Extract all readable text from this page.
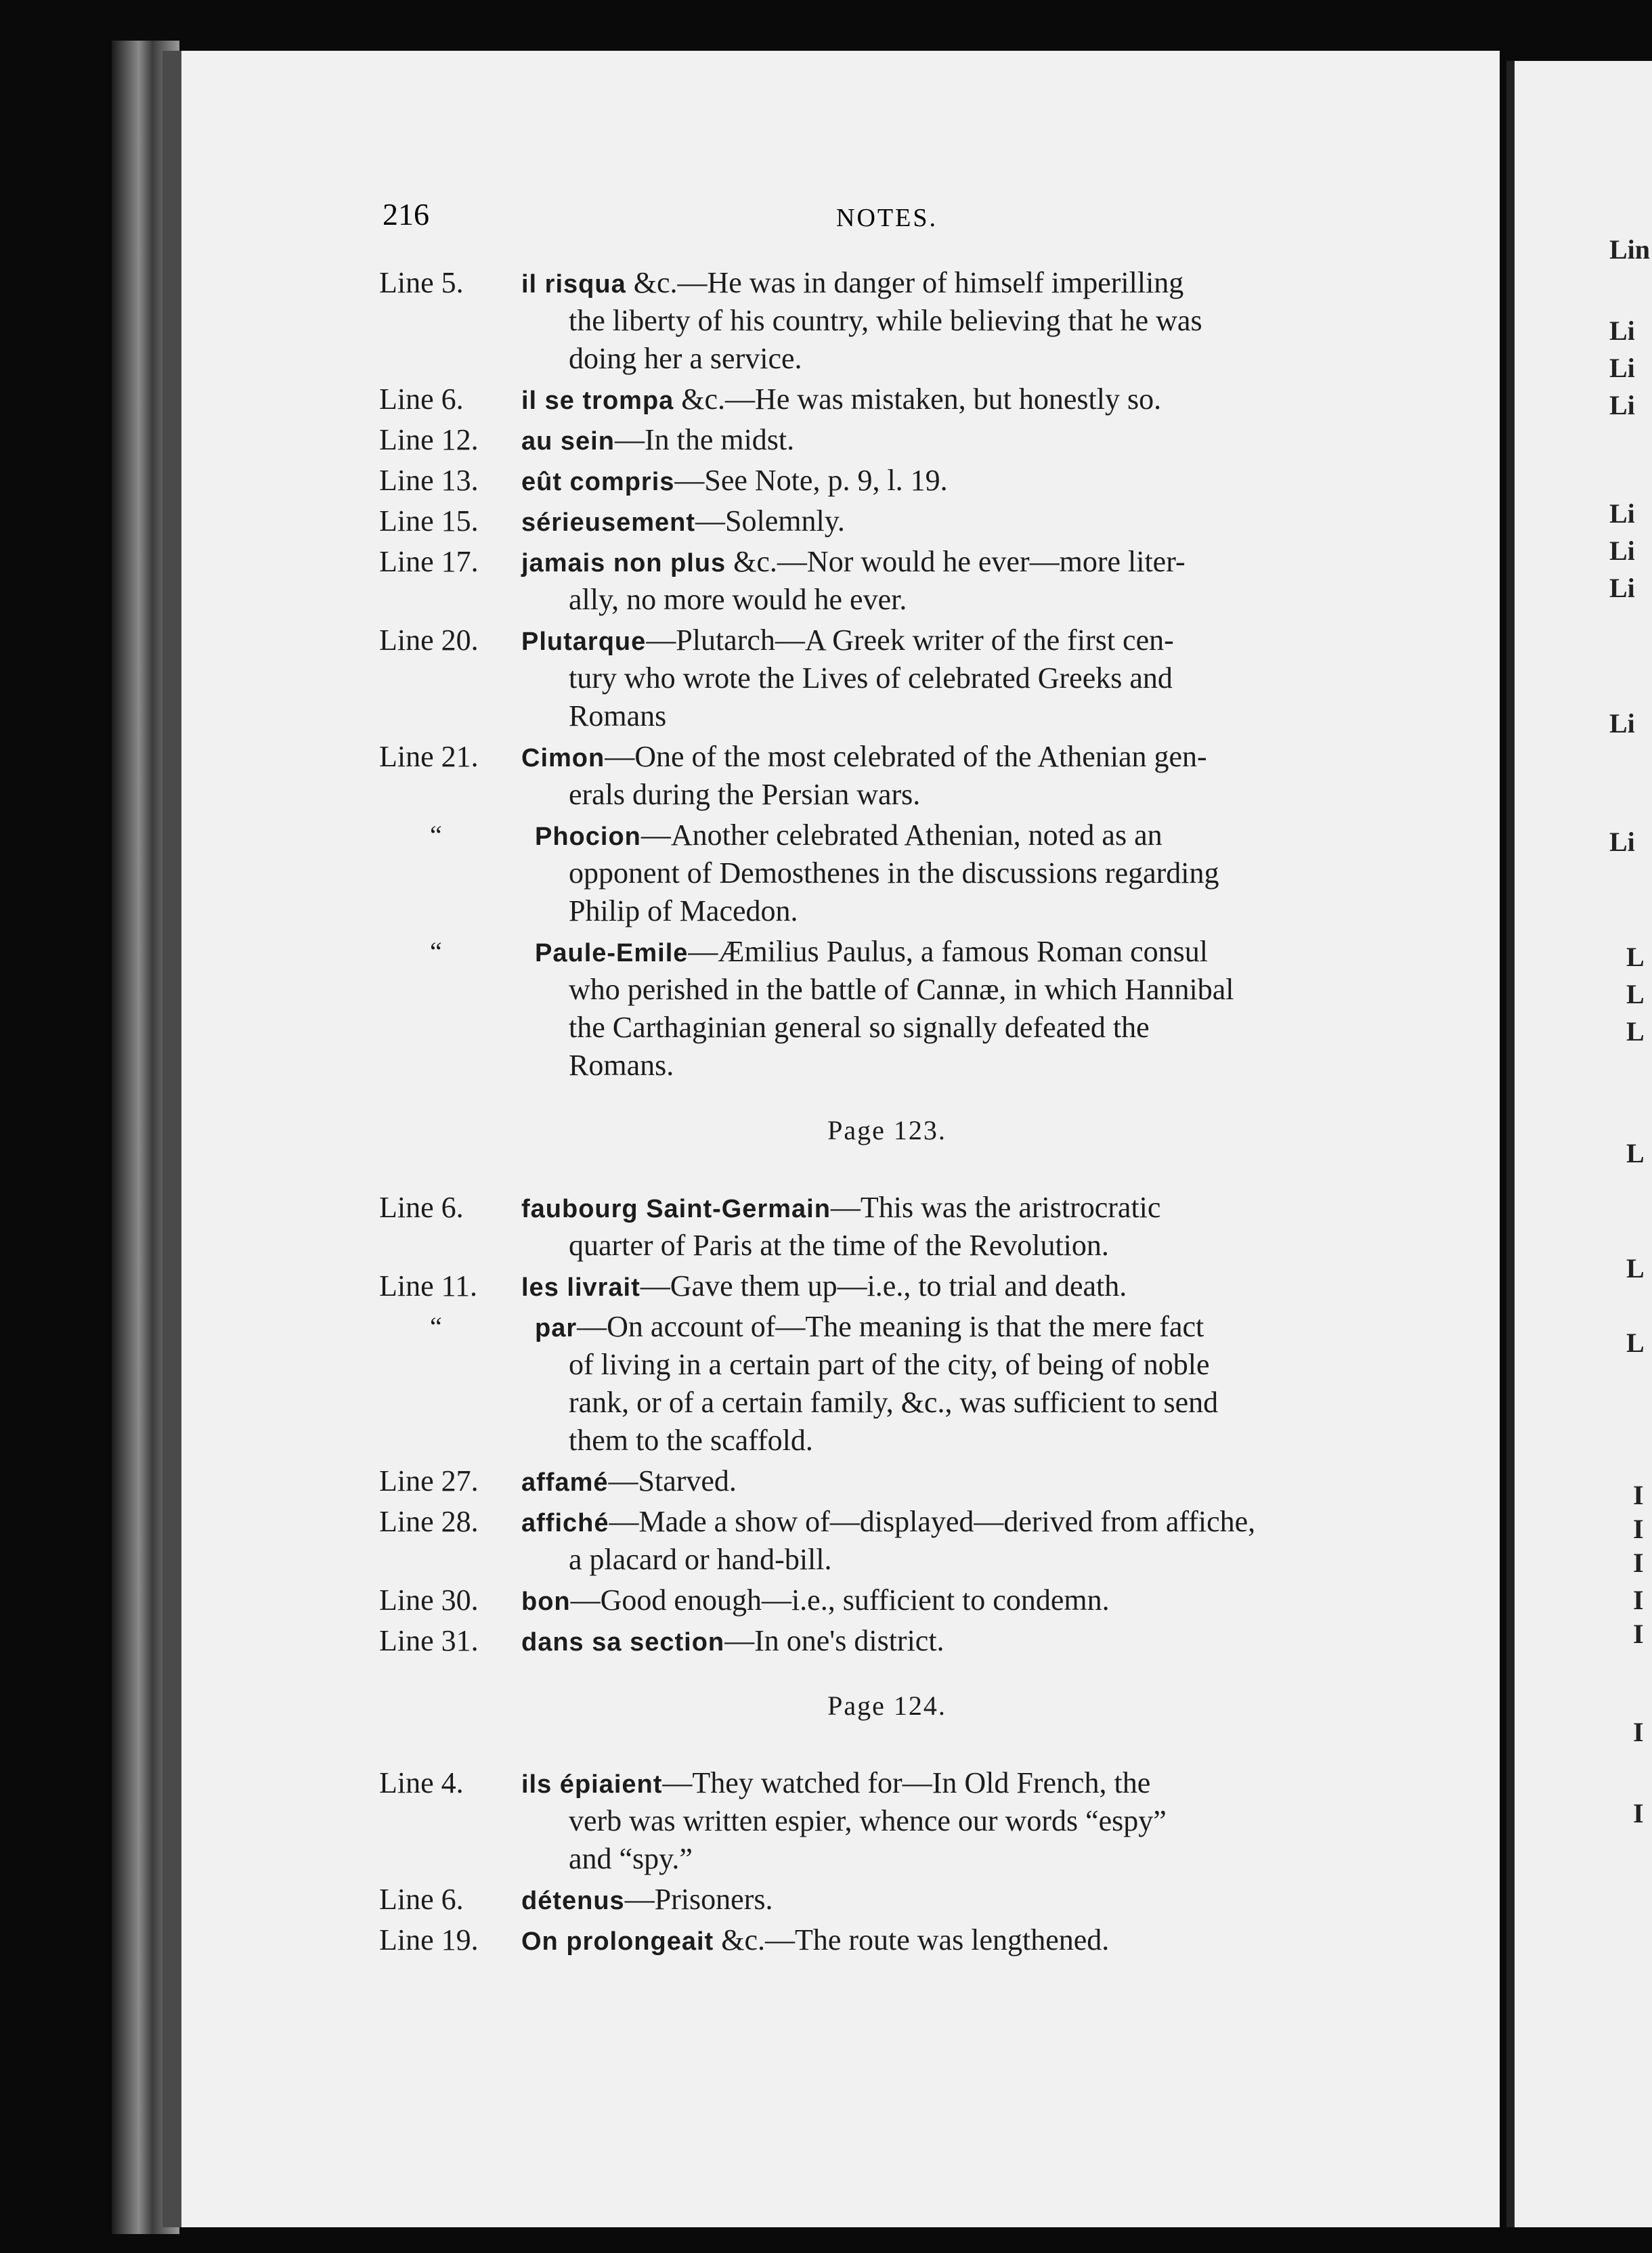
Lin
Li
Li
Li
Li
Li
Li
Li
Li
L
L
L
L
L
L
I
I
I
I
I
I
I
216	NOTES.
Line 5.	il risqua &c.—He was in danger of himself imperilling
the liberty of his country, while believing that he was
doing her a service.
Line 6.	il se trompa &c.—He was mistaken, but honestly so.
Line 12.	au sein—In the midst.
Line 13.	eût compris—See Note, p. 9, l. 19.
Line 15.	sérieusement—Solemnly.
Line 17.	jamais non plus &c.—Nor would he ever—more liter-
ally, no more would he ever.
Line 20.	Plutarque—Plutarch—A Greek writer of the first cen-
tury who wrote the Lives of celebrated Greeks and
Romans
Line 21.	Cimon—One of the most celebrated of the Athenian gen-
erals during the Persian wars.
“	Phocion—Another celebrated Athenian, noted as an
opponent of Demosthenes in the discussions regarding
Philip of Macedon.
“	Paule-Emile—Æmilius Paulus, a famous Roman consul
who perished in the battle of Cannæ, in which Hannibal
the Carthaginian general so signally defeated the
Romans.
Page 123.
Line 6.	faubourg Saint-Germain—This was the aristrocratic
quarter of Paris at the time of the Revolution.
Line 11.	les livrait—Gave them up—i.e., to trial and death.
“	par—On account of—The meaning is that the mere fact
of living in a certain part of the city, of being of noble
rank, or of a certain family, &c., was sufficient to send
them to the scaffold.
Line 27.	affamé—Starved.
Line 28.	affiché—Made a show of—displayed—derived from affiche,
a placard or hand-bill.
Line 30.	bon—Good enough—i.e., sufficient to condemn.
Line 31.	dans sa section—In one's district.
Page 124.
Line 4.	ils épiaient—They watched for—In Old French, the
verb was written espier, whence our words “espy”
and “spy.”
Line 6.	détenus—Prisoners.
Line 19.	On prolongeait &c.—The route was lengthened.
